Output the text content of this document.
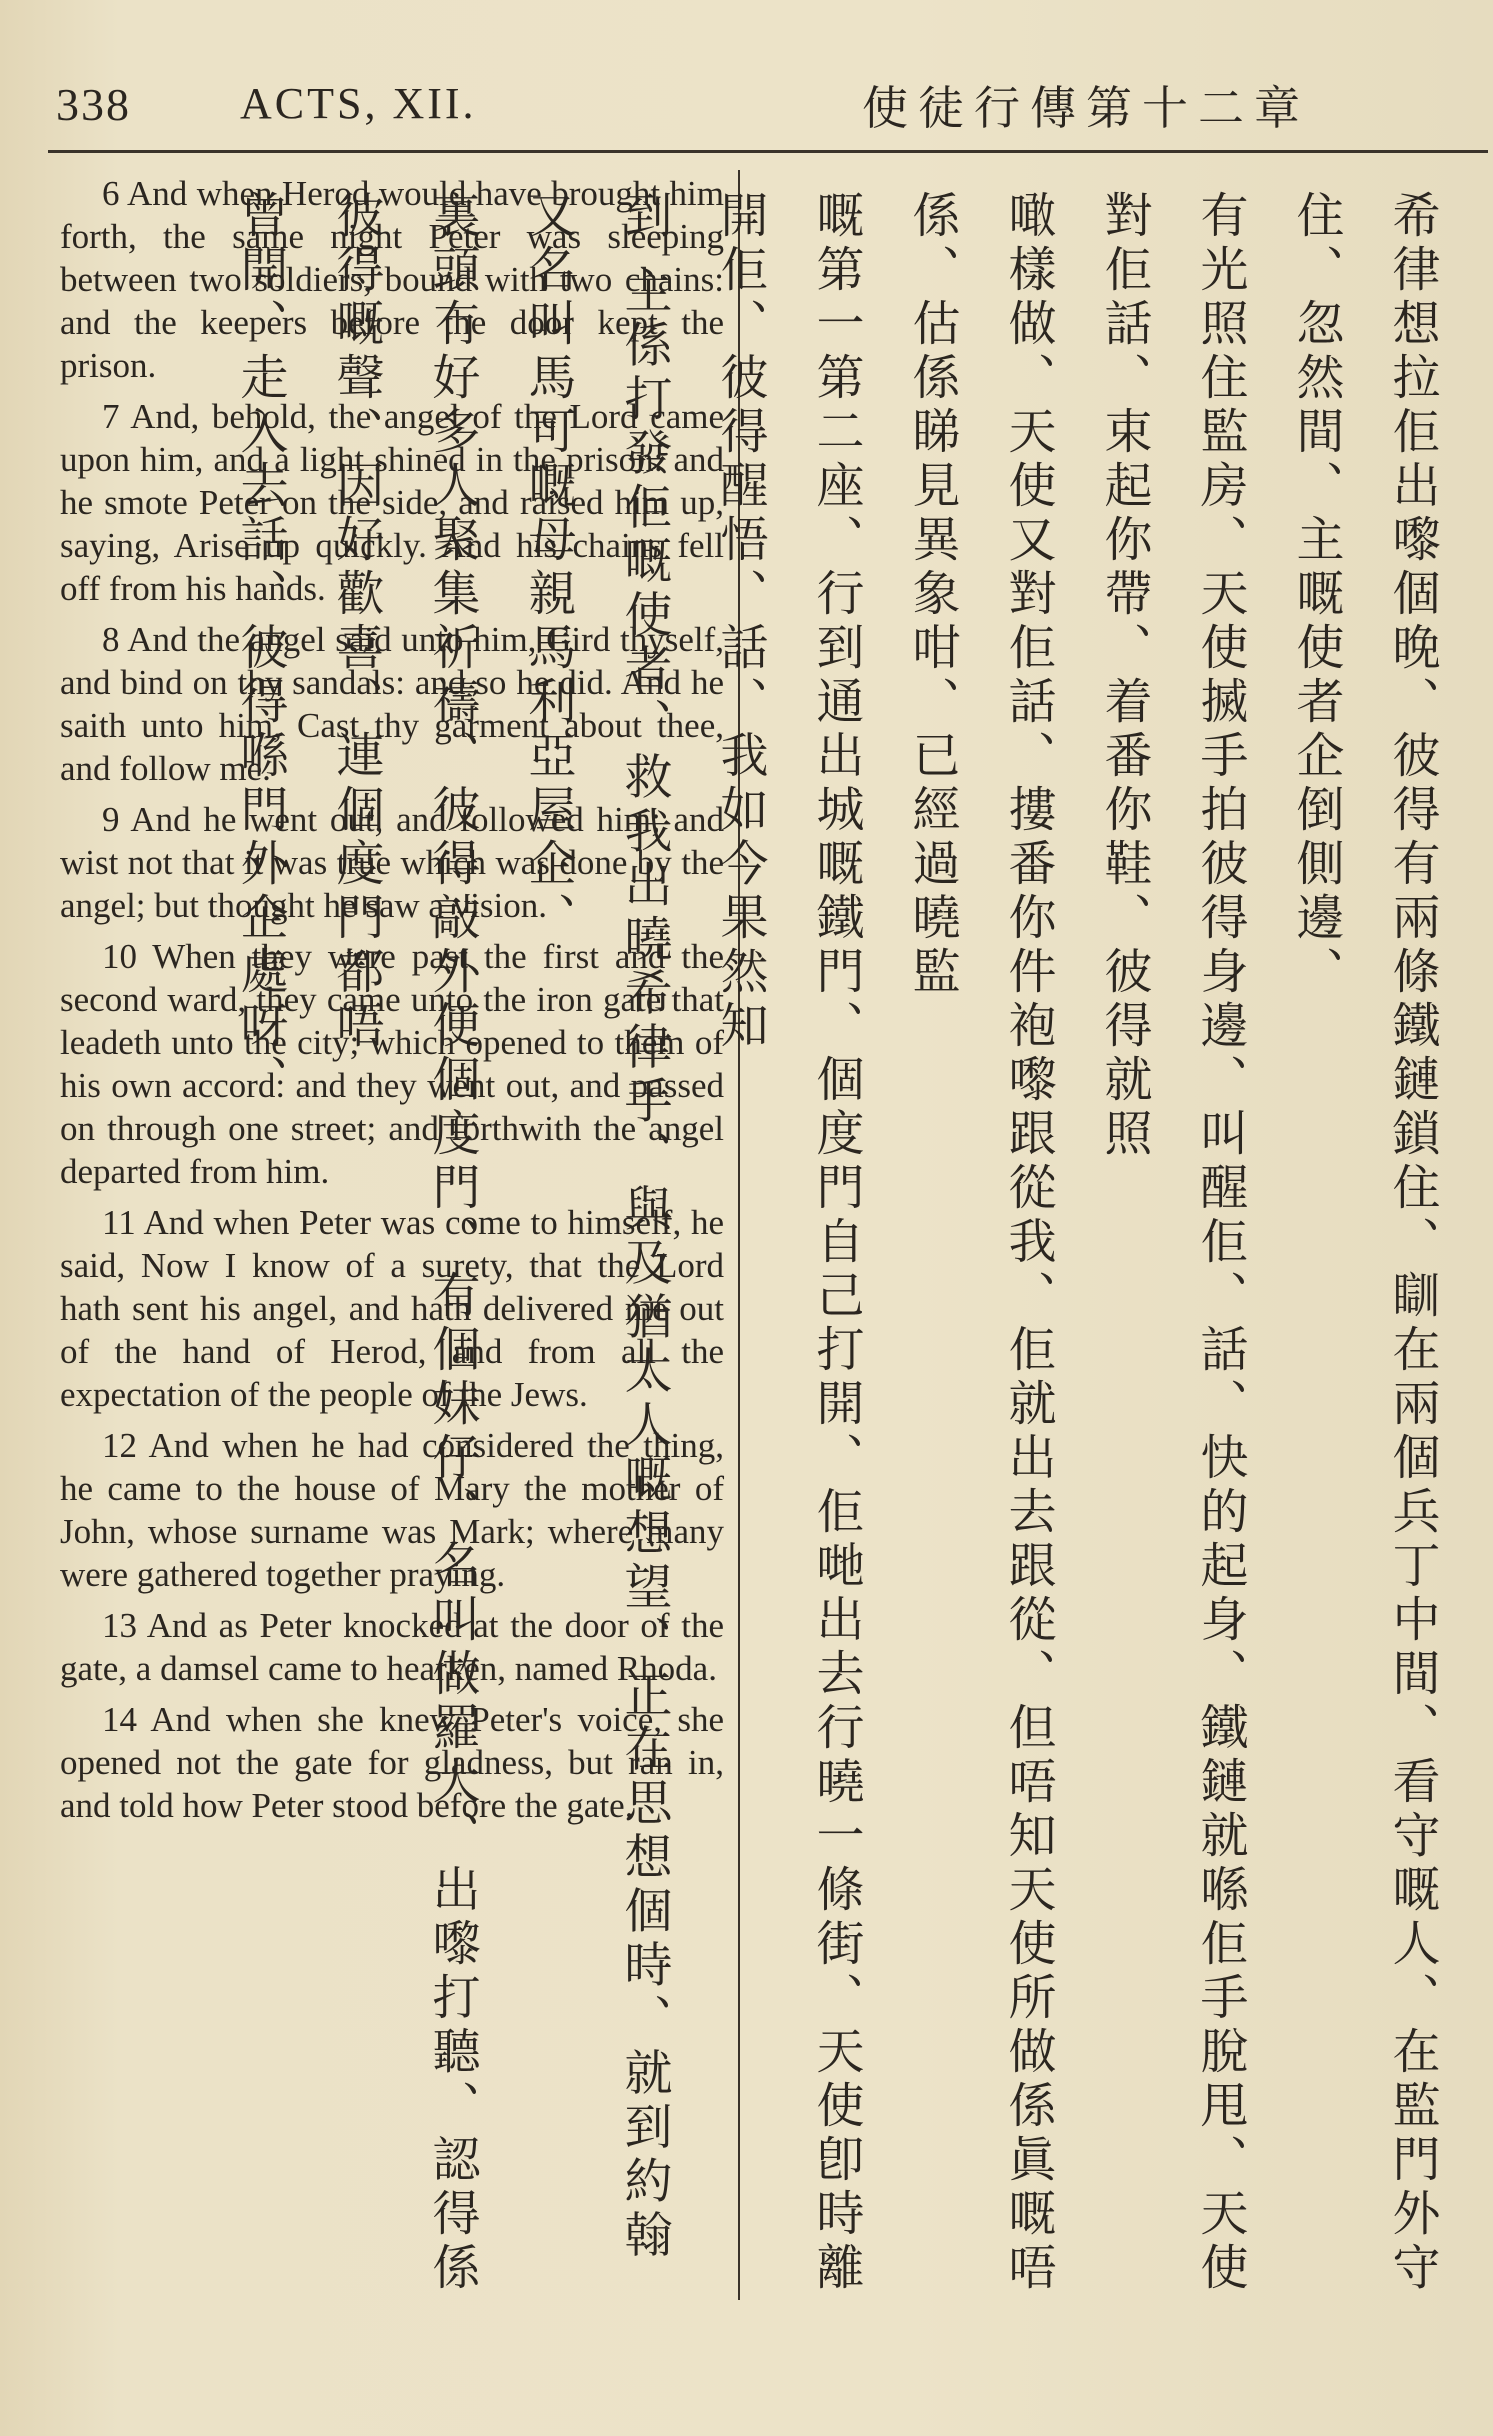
338 ACTS, XII.	使徒行傳第十二章

6 And when Herod would have brought him forth, the same night Peter was sleeping between two soldiers, bound with two chains: and the keepers before the door kept the prison.

7 And, behold, the angel of the Lord came upon him, and a light shined in the prison: and he smote Peter on the side, and raised him up, saying, Arise up quickly. And his chains fell off from his hands.

8 And the angel said unto him, Gird thyself, and bind on thy sandals: and so he did. And he saith unto him, Cast thy garment about thee, and follow me.

9 And he went out, and followed him; and wist not that it was true which was done by the angel; but thought he saw a vision.

10 When they were past the first and the second ward, they came unto the iron gate that leadeth unto the city; which opened to them of his own accord: and they went out, and passed on through one street; and forthwith the angel departed from him.

11 And when Peter was come to himself, he said, Now I know of a surety, that the Lord hath sent his angel, and hath delivered me out of the hand of Herod, and from all the expectation of the people of the Jews.

12 And when he had considered the thing, he came to the house of Mary the mother of John, whose surname was Mark; where many were gathered together praying.

13 And as Peter knocked at the door of the gate, a damsel came to hearken, named Rhoda.

14 And when she knew Peter's voice, she opened not the gate for gladness, but ran in, and told how Peter stood before the gate.	希律想拉佢出嚟個晚、彼得有兩條鐵鏈鎖住、瞓在兩個兵丁中間、看守嘅人、在監門外守住、忽然間、主嘅使者企倒側邊、

有光照住監房、天使搣手拍彼得身邊、叫醒佢、話、快的起身、鐵鏈就喺佢手脫甩、天使對佢話、束起你帶、着番你鞋、彼得就照

噉樣做、天使又對佢話、摟番你件袍嚟跟從我、佢就出去跟從、但唔知天使所做係眞嘅唔係、估係睇見異象咁、已經過曉監

嘅第一第二座、行到通出城嘅鐵門、個度門自己打開、佢哋出去行曉一條街、天使卽時離開佢、彼得醒悟、話、我如今果然知

到 主係打發佢嘅使者、救我出曉希律手、與及猶太人嘅想望、正在思想個時、就到約翰又名叫馬可嘅母親馬利亞屋企、

裏頭冇好多人聚集祈禱、彼得敲外便個度門、有個妹仔、名叫做羅大、出嚟打聽、認得係彼得嘅聲、因好歡喜、連個度門都唔

曾開、走入去話、彼得喺門外企處呀、
